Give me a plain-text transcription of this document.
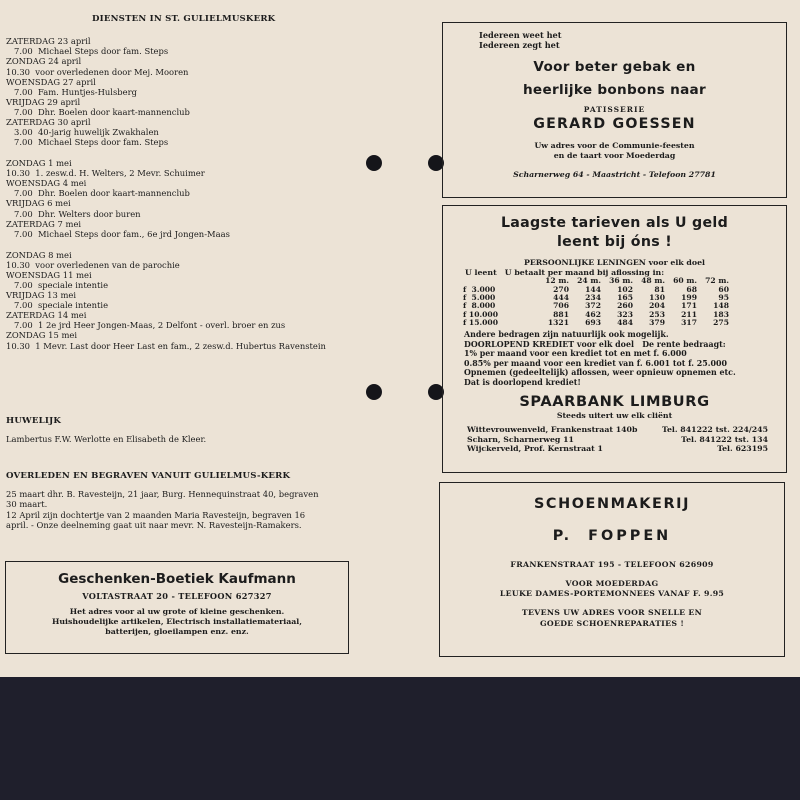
DIENSTEN IN ST. GULIELMUSKERK
ZATERDAG 23 april
7.00  Michael Steps door fam. Steps
ZONDAG 24 april
10.30  voor overledenen door Mej. Mooren
WOENSDAG 27 april
7.00  Fam. Huntjes-Hulsberg
VRIJDAG 29 april
7.00  Dhr. Boelen door kaart-mannenclub
ZATERDAG 30 april
3.00  40-jarig huwelijk Zwakhalen
7.00  Michael Steps door fam. Steps
ZONDAG 1 mei
10.30  1. zesw.d. H. Welters, 2 Mevr. Schuimer
WOENSDAG 4 mei
7.00  Dhr. Boelen door kaart-mannenclub
VRIJDAG 6 mei
7.00  Dhr. Welters door buren
ZATERDAG 7 mei
7.00  Michael Steps door fam., 6e jrd Jongen-Maas
ZONDAG 8 mei
10.30  voor overledenen van de parochie
WOENSDAG 11 mei
7.00  speciale intentie
VRIJDAG 13 mei
7.00  speciale intentie
ZATERDAG 14 mei
7.00  1 2e jrd Heer Jongen-Maas, 2 Delfont - overl. broer en zus
ZONDAG 15 mei
10.30  1 Mevr. Last door Heer Last en fam., 2 zesw.d. Hubertus Ravenstein
HUWELIJK
Lambertus F.W. Werlotte en Elisabeth de Kleer.
OVERLEDEN EN BEGRAVEN VANUIT GULIELMUS-KERK
25 maart dhr. B. Ravesteijn, 21 jaar, Burg. Hennequinstraat 40, begraven
30 maart.
12 April zijn dochtertje van 2 maanden Maria Ravesteijn, begraven 16
april. - Onze deelneming gaat uit naar mevr. N. Ravesteijn-Ramakers.
Geschenken-Boetiek Kaufmann
VOLTASTRAAT 20 - TELEFOON 627327
Het adres voor al uw grote of kleine geschenken.
Huishoudelijke artikelen, Electrisch installatiemateriaal,
batterijen, gloeilampen enz. enz.
Iedereen weet het
Iedereen zegt het
Voor beter gebak en
heerlijke bonbons naar
PATISSERIE
GERARD GOESSEN
Uw adres voor de Communie-feesten
en de taart voor Moederdag
Scharnerweg 64 - Maastricht - Telefoon 27781
Laagste tarieven als U geld
leent bij óns !
PERSOONLIJKE LENINGEN voor elk doel
U leent   U betaalt per maand bij aflossing in:
	12 m.	24 m.	36 m.	48 m.	60 m.	72 m.
f  3.000	270	144	102	81	68	60
f  5.000	444	234	165	130	199	95
f  8.000	706	372	260	204	171	148
f 10.000	881	462	323	253	211	183
f 15.000	1321	693	484	379	317	275
Andere bedragen zijn natuurlijk ook mogelijk.
DOORLOPEND KREDIET voor elk doel   De rente bedraagt:
1% per maand voor een krediet tot en met f. 6.000
0.85% per maand voor een krediet van f. 6.001 tot f. 25.000
Opnemen (gedeeltelijk) aflossen, weer opnieuw opnemen etc.
Dat is doorlopend krediet!
SPAARBANK LIMBURG
Steeds uitert uw elk cliënt
Wittevrouwenveld, Frankenstraat 140b	Tel. 841222 tst. 224/245
Scharn, Scharnerweg 11	Tel. 841222 tst. 134
Wijckerveld, Prof. Kernstraat 1	Tel. 623195
SCHOENMAKERIJ
P.  FOPPEN
FRANKENSTRAAT 195 - TELEFOON 626909
VOOR MOEDERDAG
LEUKE DAMES-PORTEMONNEES VANAF F. 9.95
TEVENS UW ADRES VOOR SNELLE EN
GOEDE SCHOENREPARATIES !
